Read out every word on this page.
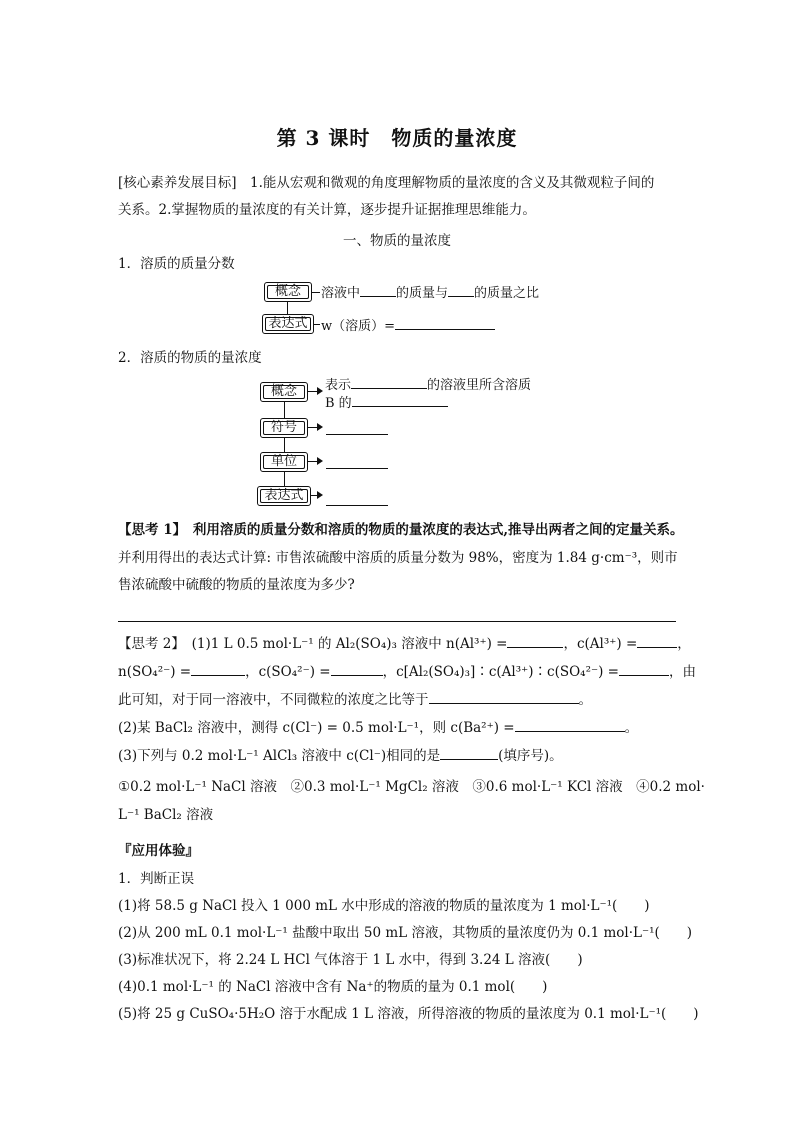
第 3 课时　物质的量浓度
[核心素养发展目标]　1.能从宏观和微观的角度理解物质的量浓度的含义及其微观粒子间的
关系。2.掌握物质的量浓度的有关计算，逐步提升证据推理思维能力。
一、物质的量浓度
1．溶质的质量分数
概念
表达式
溶液中	的质量与 的质量之比
w（溶质）=
2．溶质的物质的量浓度
概念
符号
单位
表达式
表示	的溶液里所含溶质
B 的
【思考 1】　利用溶质的质量分数和溶质的物质的量浓度的表达式,推导出两者之间的定量关系。
并利用得出的表达式计算: 市售浓硫酸中溶质的质量分数为 98%，密度为 1.84 g·cm⁻³，则市
售浓硫酸中硫酸的物质的量浓度为多少?
【思考 2】　(1)1 L 0.5 mol·L⁻¹ 的 Al₂(SO₄)₃ 溶液中 n(Al³⁺) =	，c(Al³⁺) =	，
n(SO₄²⁻) =	，c(SO₄²⁻) =	，c[Al₂(SO₄)₃]∶c(Al³⁺)∶c(SO₄²⁻) =	，由
此可知，对于同一溶液中，不同微粒的浓度之比等于	。
(2)某 BaCl₂ 溶液中，测得 c(Cl⁻) = 0.5 mol·L⁻¹，则 c(Ba²⁺) =	。
(3)下列与 0.2 mol·L⁻¹ AlCl₃ 溶液中 c(Cl⁻)相同的是	(填序号)。
①0.2 mol·L⁻¹ NaCl 溶液　②0.3 mol·L⁻¹ MgCl₂ 溶液　③0.6 mol·L⁻¹ KCl 溶液　④0.2 mol·
L⁻¹ BaCl₂ 溶液
『应用体验』
1．判断正误
(1)将 58.5 g NaCl 投入 1 000 mL 水中形成的溶液的物质的量浓度为 1 mol·L⁻¹(　　)
(2)从 200 mL 0.1 mol·L⁻¹ 盐酸中取出 50 mL 溶液，其物质的量浓度仍为 0.1 mol·L⁻¹(　　)
(3)标准状况下，将 2.24 L HCl 气体溶于 1 L 水中，得到 3.24 L 溶液(　　)
(4)0.1 mol·L⁻¹ 的 NaCl 溶液中含有 Na⁺的物质的量为 0.1 mol(　　)
(5)将 25 g CuSO₄·5H₂O 溶于水配成 1 L 溶液，所得溶液的物质的量浓度为 0.1 mol·L⁻¹(　　)
